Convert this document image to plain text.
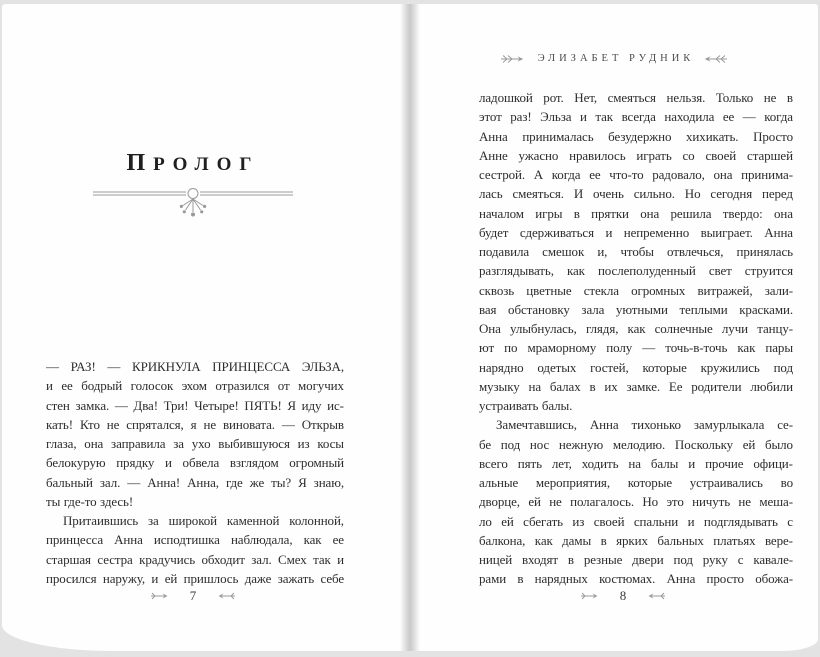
ПРОЛОГ
— РАЗ! — КРИКНУЛА ПРИНЦЕССА ЭЛЬЗА,
и ее бодрый голосок эхом отразился от могучих
стен замка. — Два! Три! Четыре! ПЯТЬ! Я иду ис-
кать! Кто не спрятался, я не виновата. — Открыв
глаза, она заправила за ухо выбившуюся из косы
белокурую прядку и обвела взглядом огромный
бальный зал. — Анна! Анна, где же ты? Я знаю,
ты где-то здесь!
Притаившись за широкой каменной колонной,
принцесса Анна исподтишка наблюдала, как ее
старшая сестра крадучись обходит зал. Смех так и
просился наружу, и ей пришлось даже зажать себе
7
ЭЛИЗАБЕТ РУДНИК
ладошкой рот. Нет, смеяться нельзя. Только не в
этот раз! Эльза и так всегда находила ее — когда
Анна принималась безудержно хихикать. Просто
Анне ужасно нравилось играть со своей старшей
сестрой. А когда ее что-то радовало, она принима-
лась смеяться. И очень сильно. Но сегодня перед
началом игры в прятки она решила твердо: она
будет сдерживаться и непременно выиграет. Анна
подавила смешок и, чтобы отвлечься, принялась
разглядывать, как послеполуденный свет струится
сквозь цветные стекла огромных витражей, зали-
вая обстановку зала уютными теплыми красками.
Она улыбнулась, глядя, как солнечные лучи танцу-
ют по мраморному полу — точь-в-точь как пары
нарядно одетых гостей, которые кружились под
музыку на балах в их замке. Ее родители любили
устраивать балы.
Замечтавшись, Анна тихонько замурлыкала се-
бе под нос нежную мелодию. Поскольку ей было
всего пять лет, ходить на балы и прочие офици-
альные мероприятия, которые устраивались во
дворце, ей не полагалось. Но это ничуть не меша-
ло ей сбегать из своей спальни и подглядывать с
балкона, как дамы в ярких бальных платьях вере-
ницей входят в резные двери под руку с кавале-
рами в нарядных костюмах. Анна просто обожа-
8
